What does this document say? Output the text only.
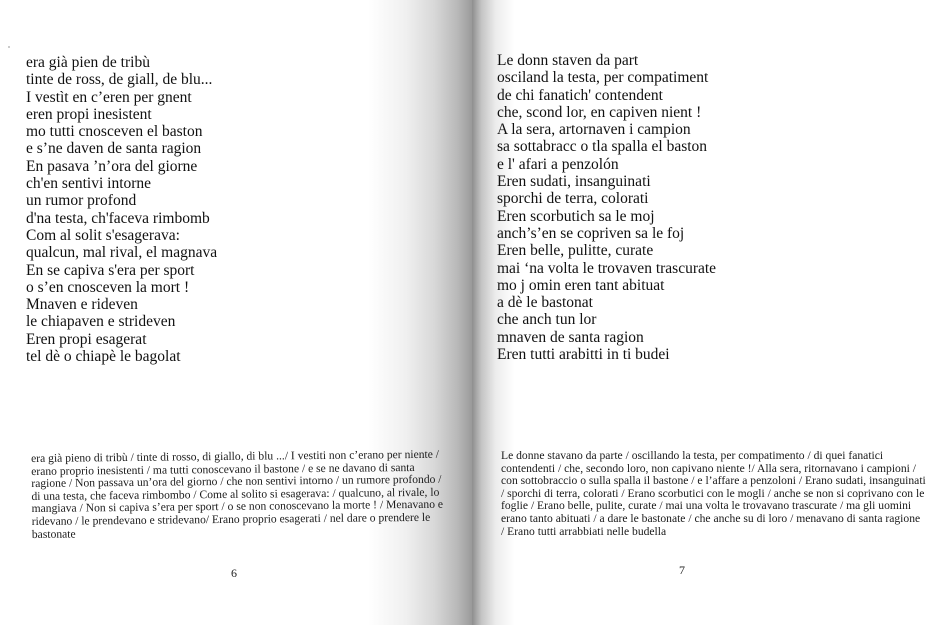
era già pien de tribù
tinte de ross, de giall, de blu...
I vestìt en c’eren per gnent
eren propi inesistent
mo tutti cnosceven el baston
e s’ne daven de santa ragion
En pasava ’n’ora del giorne
ch'en sentivi intorne
un rumor profond
d'na testa, ch'faceva rimbomb
Com al solit s'esagerava:
qualcun, mal rival, el magnava
En se capiva s'era per sport
o s’en cnosceven la mort !
Mnaven e rideven
le chiapaven e strideven
Eren propi esagerat
tel dè o chiapè le bagolat

era già pieno di tribù / tinte di rosso, di giallo, di blu .../ I vestiti non c’erano per niente / erano proprio inesistenti / ma tutti conoscevano il bastone / e se ne davano di santa ragione / Non passava un’ora del giorno / che non sentivi intorno / un rumore profondo / di una testa, che faceva rimbombo / Come al solito si esagerava: / qualcuno, al rivale, lo mangiava / Non si capiva s’era per sport / o se non conoscevano la morte ! / Menavano e ridevano / le prendevano e stridevano/ Erano proprio esagerati / nel dare o prendere le bastonate

6
Le donn staven da part
osciland la testa, per compatiment
de chi fanatich' contendent
che, scond lor, en capiven nient !
A la sera, artornaven i campion
sa sottabracc o tla spalla el baston
e l' afari a penzolón
Eren sudati, insanguinati
sporchi de terra, colorati
Eren scorbutich sa le moj
anch’s’en se copriven sa le foj
Eren belle, pulitte, curate
mai ‘na volta le trovaven trascurate
mo j omin eren tant abituat
a dè le bastonat
che anch tun lor
mnaven de santa ragion
Eren tutti arabitti in ti budei

Le donne stavano da parte / oscillando la testa, per compatimento / di quei fanatici contendenti / che, secondo loro, non capivano niente !/ Alla sera, ritornavano i campioni / con sottobraccio o sulla spalla il bastone / e l’affare a penzoloni / Erano sudati, insanguinati / sporchi di terra, colorati / Erano scorbutici con le mogli / anche se non si coprivano con le foglie / Erano belle, pulite, curate / mai una volta le trovavano trascurate / ma gli uomini erano tanto abituati / a dare le bastonate / che anche su di loro / menavano di santa ragione / Erano tutti arrabbiati nelle budella

7
